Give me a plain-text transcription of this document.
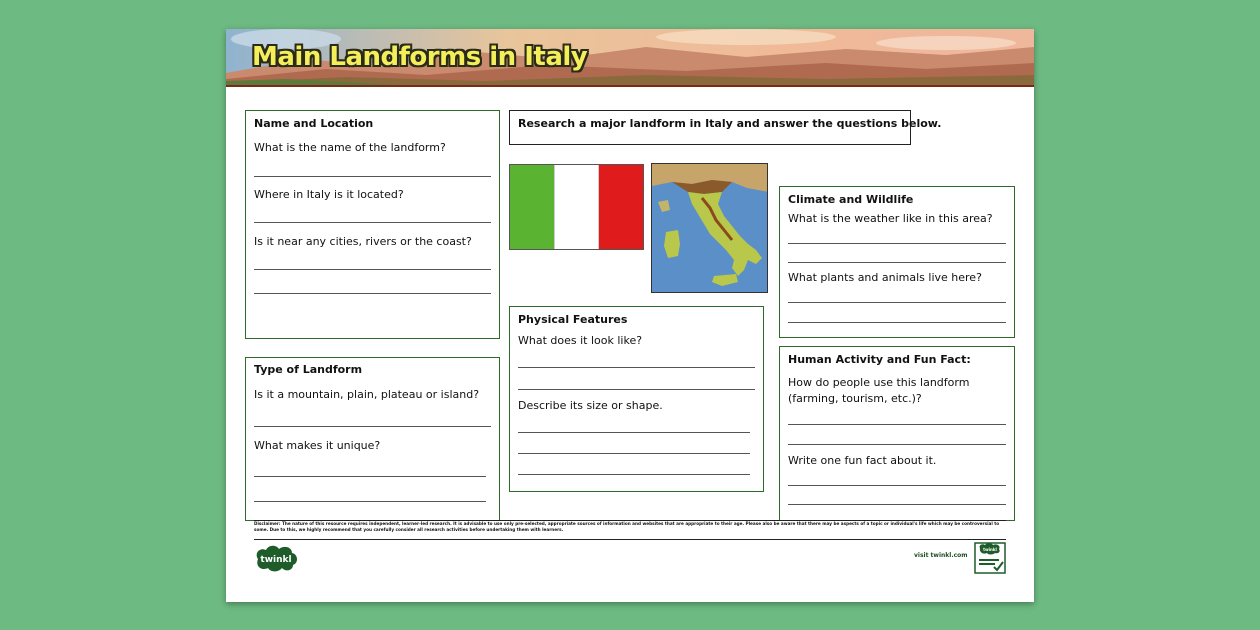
Main Landforms in Italy
Name and Location
What is the name of the landform?
Where in Italy is it located?
Is it near any cities, rivers or the coast?
Type of Landform
Is it a mountain, plain, plateau or island?
What makes it unique?
Research a major landform in Italy and answer the questions below.
Climate and Wildlife
What is the weather like in this area?
What plants and animals live here?
Physical Features
What does it look like?
Describe its size or shape.
Human Activity and Fun Fact:
How do people use this landform (farming, tourism, etc.)?
Write one fun fact about it.
Disclaimer: The nature of this resource requires independent, learner-led research. It is advisable to use only pre-selected, appropriate sources of information and websites that are appropriate to their age. Please also be aware that there may be aspects of a topic or individual's life which may be controversial to some. Due to this, we highly recommend that you carefully consider all research activities before undertaking them with learners.
twinkl	visit twinkl.com
twinkl
